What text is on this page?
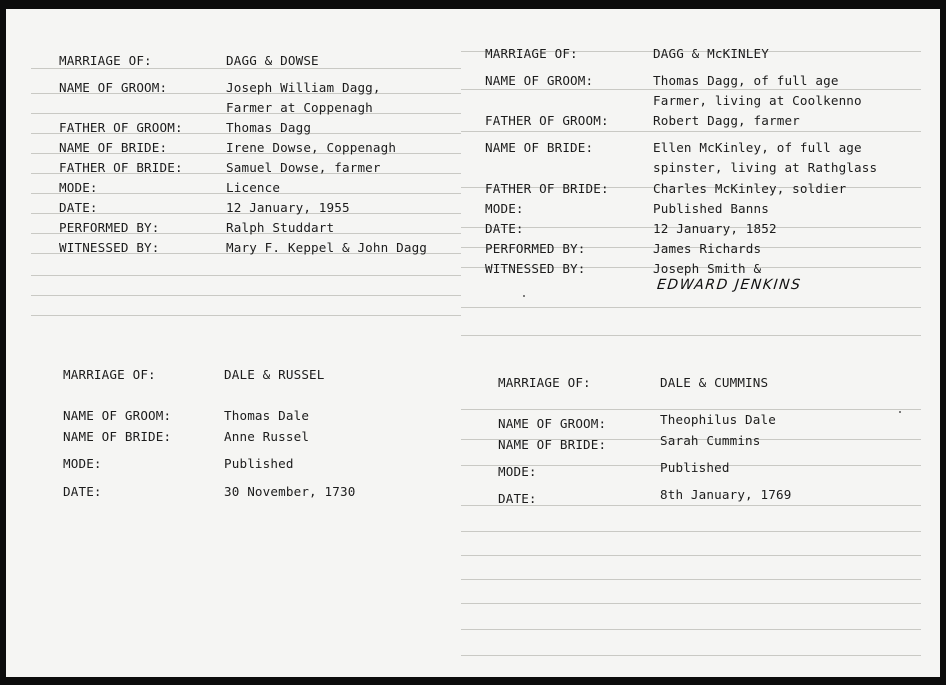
MARRIAGE OF:	DAGG & DOWSE
NAME OF GROOM:	Joseph William Dagg,
Farmer at Coppenagh
FATHER OF GROOM:	Thomas Dagg
NAME OF BRIDE:	Irene Dowse, Coppenagh
FATHER OF BRIDE:	Samuel Dowse, farmer
MODE:	Licence
DATE:	12 January, 1955
PERFORMED BY:	Ralph Studdart
WITNESSED BY:	Mary F. Keppel & John Dagg
MARRIAGE OF:	DAGG & McKINLEY
NAME OF GROOM:	Thomas Dagg, of full age
Farmer, living at Coolkenno
FATHER OF GROOM:	Robert Dagg, farmer
NAME OF BRIDE:	Ellen McKinley, of full age
spinster, living at Rathglass
FATHER OF BRIDE:	Charles McKinley, soldier
MODE:	Published Banns
DATE:	12 January, 1852
PERFORMED BY:	James Richards
WITNESSED BY:	Joseph Smith &
EDWARD JENKINS
MARRIAGE OF:	DALE & RUSSEL
NAME OF GROOM:	Thomas Dale
NAME OF BRIDE:	Anne Russel
MODE:	Published
DATE:	30 November, 1730
MARRIAGE OF:	DALE & CUMMINS
NAME OF GROOM:	Theophilus Dale
NAME OF BRIDE:	Sarah Cummins
MODE:	Published
DATE:	8th January, 1769
